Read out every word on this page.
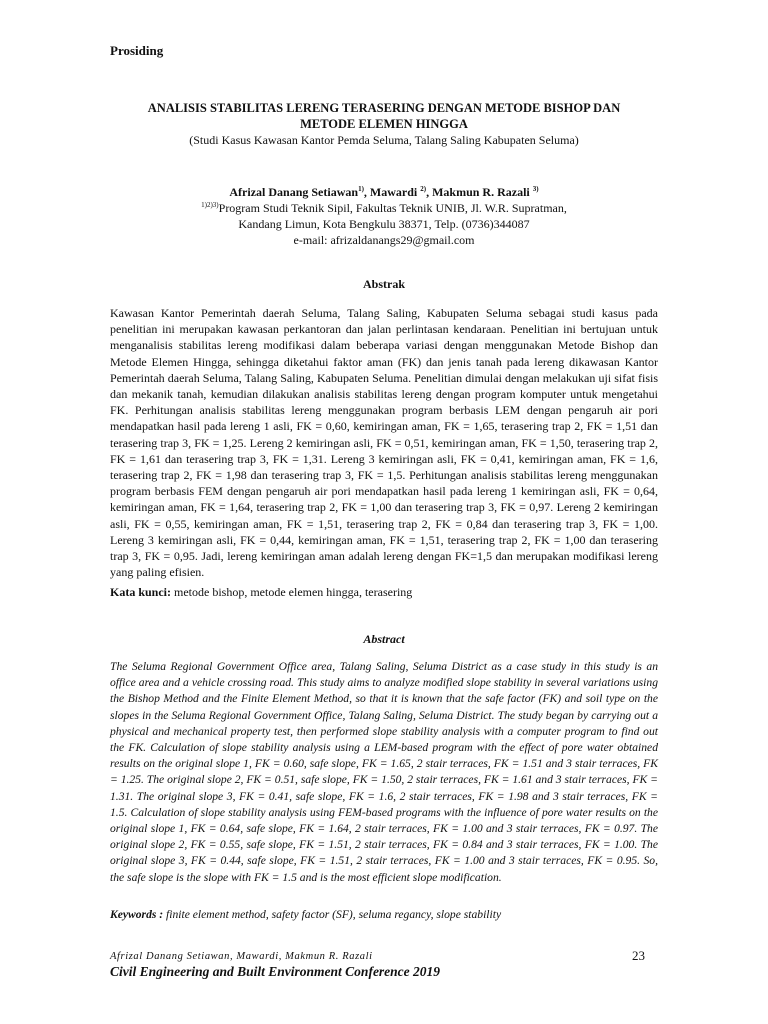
Prosiding

ANALISIS STABILITAS LERENG TERASERING DENGAN METODE BISHOP DAN

METODE ELEMEN HINGGA

(Studi Kasus Kawasan Kantor Pemda Seluma, Talang Saling Kabupaten Seluma)

Afrizal Danang Setiawan$^{1)}$, Mawardi $^{2)}$, Makmun R. Razali $^{3)}$
$^{1)2)3)}$Program Studi Teknik Sipil, Fakultas Teknik UNIB, Jl. W.R. Supratman,
Kandang Limun, Kota Bengkulu 38371, Telp. (0736)344087
e-mail: afrizaldanangs29@gmail.com
Abstrak

Kawasan Kantor Pemerintah daerah Seluma, Talang Saling, Kabupaten Seluma sebagai studi kasus pada penelitian ini merupakan kawasan perkantoran dan jalan perlintasan kendaraan. Penelitian ini bertujuan untuk menganalisis stabilitas lereng modifikasi dalam beberapa variasi dengan menggunakan Metode Bishop dan Metode Elemen Hingga, sehingga diketahui faktor aman (FK) dan jenis tanah pada lereng dikawasan Kantor Pemerintah daerah Seluma, Talang Saling, Kabupaten Seluma. Penelitian dimulai dengan melakukan uji sifat fisis dan mekanik tanah, kemudian dilakukan analisis stabilitas lereng dengan program komputer untuk mengetahui FK. Perhitungan analisis stabilitas lereng menggunakan program berbasis LEM dengan pengaruh air pori mendapatkan hasil pada lereng 1 asli, FK = 0,60, kemiringan aman, FK = 1,65, terasering trap 2, FK = 1,51 dan terasering trap 3, FK = 1,25. Lereng 2 kemiringan asli, FK = 0,51, kemiringan aman, FK = 1,50, terasering trap 2, FK = 1,61 dan terasering trap 3, FK = 1,31. Lereng 3 kemiringan asli, FK = 0,41, kemiringan aman, FK = 1,6, terasering trap 2, FK = 1,98 dan terasering trap 3, FK = 1,5. Perhitungan analisis stabilitas lereng menggunakan program berbasis FEM dengan pengaruh air pori mendapatkan hasil pada lereng 1 kemiringan asli, FK = 0,64, kemiringan aman, FK = 1,64, terasering trap 2, FK = 1,00 dan terasering trap 3, FK = 0,97. Lereng 2 kemiringan asli, FK = 0,55, kemiringan aman, FK = 1,51, terasering trap 2, FK = 0,84 dan terasering trap 3, FK = 1,00. Lereng 3 kemiringan asli, FK = 0,44, kemiringan aman, FK = 1,51, terasering trap 2, FK = 1,00 dan terasering trap 3, FK = 0,95. Jadi, lereng kemiringan aman adalah lereng dengan FK=1,5 dan merupakan modifikasi lereng yang paling efisien.

Kata kunci: metode bishop, metode elemen hingga, terasering
Abstract

The Seluma Regional Government Office area, Talang Saling, Seluma District as a case study in this study is an office area and a vehicle crossing road. This study aims to analyze modified slope stability in several variations using the Bishop Method and the Finite Element Method, so that it is known that the safe factor (FK) and soil type on the slopes in the Seluma Regional Government Office, Talang Saling, Seluma District. The study began by carrying out a physical and mechanical property test, then performed slope stability analysis with a computer program to find out the FK. Calculation of slope stability analysis using a LEM-based program with the effect of pore water obtained results on the original slope 1, FK = 0.60, safe slope, FK = 1.65, 2 stair terraces, FK = 1.51 and 3 stair terraces, FK = 1.25. The original slope 2, FK = 0.51, safe slope, FK = 1.50, 2 stair terraces, FK = 1.61 and 3 stair terraces, FK = 1.31. The original slope 3, FK = 0.41, safe slope, FK = 1.6, 2 stair terraces, FK = 1.98 and 3 stair terraces, FK = 1.5. Calculation of slope stability analysis using FEM-based programs with the influence of pore water results on the original slope 1, FK = 0.64, safe slope, FK = 1.64, 2 stair terraces, FK = 1.00 and 3 stair terraces, FK = 0.97. The original slope 2, FK = 0.55, safe slope, FK = 1.51, 2 stair terraces, FK = 0.84 and 3 stair terraces, FK = 1.00. The original slope 3, FK = 0.44, safe slope, FK = 1.51, 2 stair terraces, FK = 1.00 and 3 stair terraces, FK = 0.95. So, the safe slope is the slope with FK = 1.5 and is the most efficient slope modification.

Keywords : finite element method, safety factor (SF), seluma regancy, slope stability
Afrizal Danang Setiawan, Mawardi, Makmun R. Razali	23
Civil Engineering and Built Environment Conference 2019
